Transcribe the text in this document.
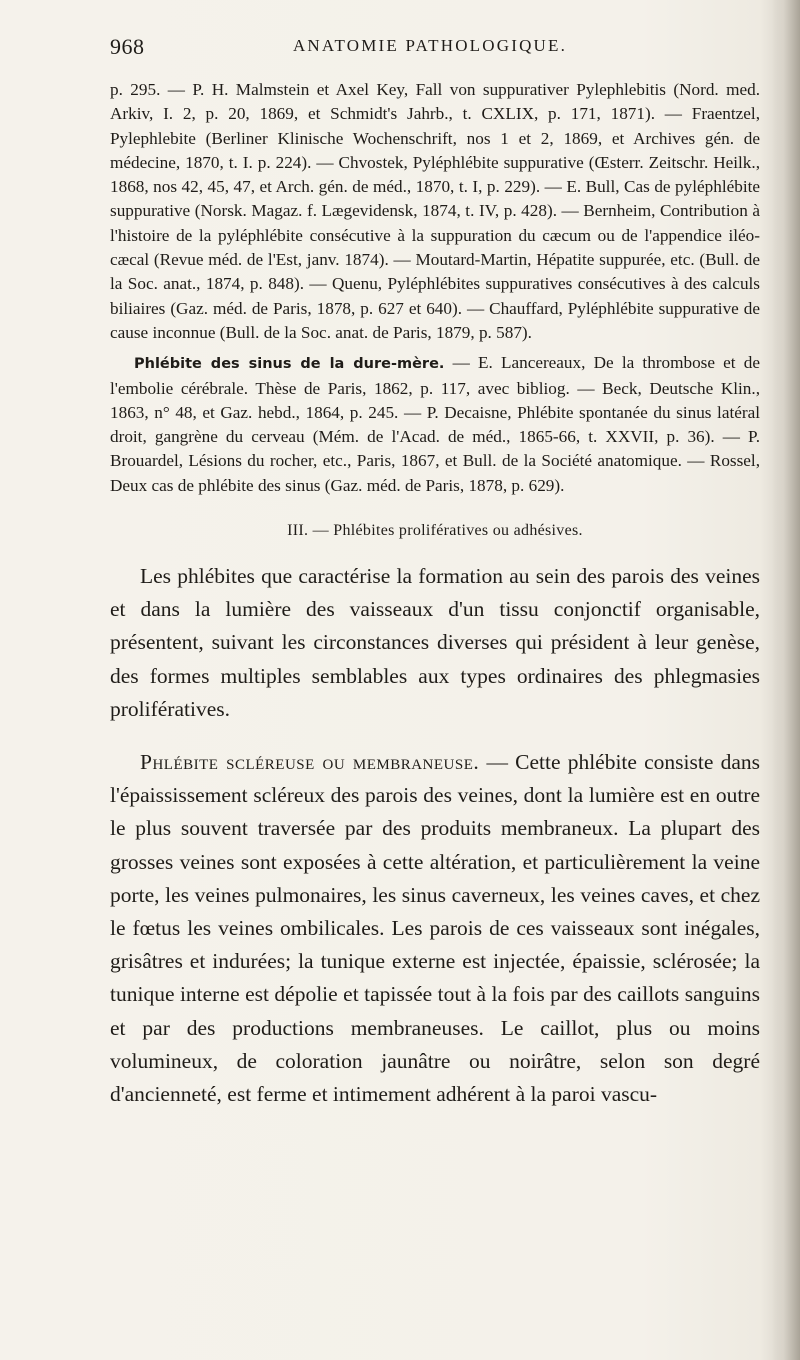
968	ANATOMIE PATHOLOGIQUE.

p. 295. — P. H. Malmstein et Axel Key, Fall von suppurativer Pylephlebitis (Nord. med. Arkiv, I. 2, p. 20, 1869, et Schmidt's Jahrb., t. CXLIX, p. 171, 1871). — Fraentzel, Pylephlebite (Berliner Klinische Wochenschrift, nos 1 et 2, 1869, et Archives gén. de médecine, 1870, t. I. p. 224). — Chvostek, Pyléphlébite suppurative (Œsterr. Zeitschr. Heilk., 1868, nos 42, 45, 47, et Arch. gén. de méd., 1870, t. I, p. 229). — E. Bull, Cas de pyléphlébite suppurative (Norsk. Magaz. f. Lægevidensk, 1874, t. IV, p. 428). — Bernheim, Contribution à l'histoire de la pyléphlébite consécutive à la suppuration du cæcum ou de l'appendice iléo-cæcal (Revue méd. de l'Est, janv. 1874). — Moutard-Martin, Hépatite suppurée, etc. (Bull. de la Soc. anat., 1874, p. 848). — Quenu, Pyléphlébites suppuratives consécutives à des calculs biliaires (Gaz. méd. de Paris, 1878, p. 627 et 640). — Chauffard, Pyléphlébite suppurative de cause inconnue (Bull. de la Soc. anat. de Paris, 1879, p. 587).

Phlébite des sinus de la dure-mère. — E. Lancereaux, De la thrombose et de l'embolie cérébrale. Thèse de Paris, 1862, p. 117, avec bibliog. — Beck, Deutsche Klin., 1863, n° 48, et Gaz. hebd., 1864, p. 245. — P. Decaisne, Phlébite spontanée du sinus latéral droit, gangrène du cerveau (Mém. de l'Acad. de méd., 1865-66, t. XXVII, p. 36). — P. Brouardel, Lésions du rocher, etc., Paris, 1867, et Bull. de la Société anatomique. — Rossel, Deux cas de phlébite des sinus (Gaz. méd. de Paris, 1878, p. 629).

III. — Phlébites prolifératives ou adhésives.

Les phlébites que caractérise la formation au sein des parois des veines et dans la lumière des vaisseaux d'un tissu conjonctif organisable, présentent, suivant les circonstances diverses qui président à leur genèse, des formes multiples semblables aux types ordinaires des phlegmasies prolifératives.

Phlébite scléreuse ou membraneuse. — Cette phlébite consiste dans l'épaississement scléreux des parois des veines, dont la lumière est en outre le plus souvent traversée par des produits membraneux. La plupart des grosses veines sont exposées à cette altération, et particulièrement la veine porte, les veines pulmonaires, les sinus caverneux, les veines caves, et chez le fœtus les veines ombilicales. Les parois de ces vaisseaux sont inégales, grisâtres et indurées; la tunique externe est injectée, épaissie, sclérosée; la tunique interne est dépolie et tapissée tout à la fois par des caillots sanguins et par des productions membraneuses. Le caillot, plus ou moins volumineux, de coloration jaunâtre ou noirâtre, selon son degré d'ancienneté, est ferme et intimement adhérent à la paroi vascu-
